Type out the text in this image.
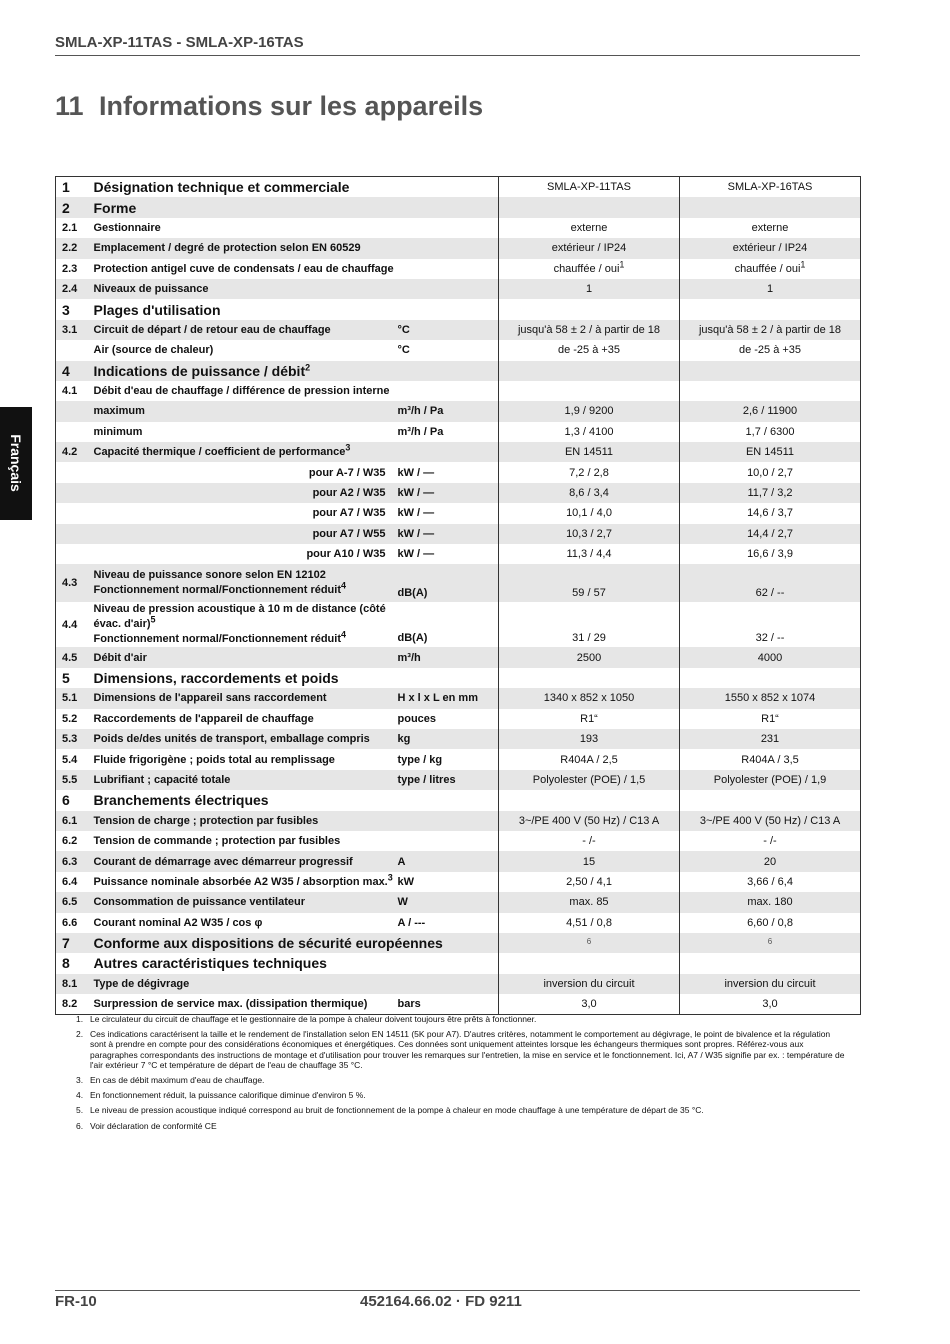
SMLA-XP-11TAS - SMLA-XP-16TAS
11 Informations sur les appareils
Français
1	Désignation technique et commerciale		SMLA-XP-11TAS	SMLA-XP-16TAS
2	Forme			
2.1	Gestionnaire		externe	externe
2.2	Emplacement / degré de protection selon EN 60529		extérieur / IP24	extérieur / IP24
2.3	Protection antigel cuve de condensats / eau de chauffage		chauffée / oui$^1$	chauffée / oui$^1$
2.4	Niveaux de puissance		1	1
3	Plages d'utilisation			
3.1	Circuit de départ / de retour eau de chauffage	°C	jusqu'à 58 ± 2 / à partir de 18	jusqu'à 58 ± 2 / à partir de 18
	Air (source de chaleur)	°C	de -25 à +35	de -25 à +35
4	Indications de puissance / débit$^2$			
4.1	Débit d'eau de chauffage / différence de pression interne			
	maximum	m³/h / Pa	1,9 / 9200	2,6 / 11900
	minimum	m³/h / Pa	1,3 / 4100	1,7 / 6300
4.2	Capacité thermique / coefficient de performance$^3$		EN 14511	EN 14511
	pour A-7 / W35	kW / —	7,2 / 2,8	10,0 / 2,7
	pour A2 / W35	kW / —	8,6 / 3,4	11,7 / 3,2
	pour A7 / W35	kW / —	10,1 / 4,0	14,6 / 3,7
	pour A7 / W55	kW / —	10,3 / 2,7	14,4 / 2,7
	pour A10 / W35	kW / —	11,3 / 4,4	16,6 / 3,9
4.3	Niveau de puissance sonore selon EN 12102
Fonctionnement normal/Fonctionnement réduit$^4$	dB(A)	59 / 57	62 / --
4.4	Niveau de pression acoustique à 10 m de distance (côté évac. d'air)$^5$
Fonctionnement normal/Fonctionnement réduit$^4$	dB(A)	31 / 29	32 / --
4.5	Débit d'air	m³/h	2500	4000
5	Dimensions, raccordements et poids			
5.1	Dimensions de l'appareil sans raccordement	H x l x L en mm	1340 x 852 x 1050	1550 x 852 x 1074
5.2	Raccordements de l'appareil de chauffage	pouces	R1“	R1“
5.3	Poids de/des unités de transport, emballage compris	kg	193	231
5.4	Fluide frigorigène ; poids total au remplissage	type / kg	R404A / 2,5	R404A / 3,5
5.5	Lubrifiant ; capacité totale	type / litres	Polyolester (POE) / 1,5	Polyolester (POE) / 1,9
6	Branchements électriques			
6.1	Tension de charge ; protection par fusibles		3~/PE 400 V (50 Hz) / C13 A	3~/PE 400 V (50 Hz) / C13 A
6.2	Tension de commande ; protection par fusibles		- /-	- /-
6.3	Courant de démarrage avec démarreur progressif	A	15	20
6.4	Puissance nominale absorbée A2 W35 / absorption max.$^3$	kW	2,50 / 4,1	3,66 / 6,4
6.5	Consommation de puissance ventilateur	W	max. 85	max. 180
6.6	Courant nominal A2 W35 / cos φ	A / ---	4,51 / 0,8	6,60 / 0,8
7	Conforme aux dispositions de sécurité européennes		$^6$	$^6$
8	Autres caractéristiques techniques			
8.1	Type de dégivrage		inversion du circuit	inversion du circuit
8.2	Surpression de service max. (dissipation thermique)	bars	3,0	3,0
1. Le circulateur du circuit de chauffage et le gestionnaire de la pompe à chaleur doivent toujours être prêts à fonctionner.
2. Ces indications caractérisent la taille et le rendement de l'installation selon EN 14511 (5K pour A7). D'autres critères, notamment le comportement au dégivrage, le point de bivalence et la régulation sont à prendre en compte pour des considérations économiques et énergétiques. Ces données sont uniquement atteintes lorsque les échangeurs thermiques sont propres. Référez-vous aux paragraphes correspondants des instructions de montage et d'utilisation pour trouver les remarques sur l'entretien, la mise en service et le fonctionnement. Ici, A7 / W35 signifie par ex. : température de l'air extérieur 7 °C et température de départ de l'eau de chauffage 35 °C.
3. En cas de débit maximum d'eau de chauffage.
4. En fonctionnement réduit, la puissance calorifique diminue d'environ 5 %.
5. Le niveau de pression acoustique indiqué correspond au bruit de fonctionnement de la pompe à chaleur en mode chauffage à une température de départ de 35 °C.
6. Voir déclaration de conformité CE
FR-10	452164.66.02 · FD 9211
